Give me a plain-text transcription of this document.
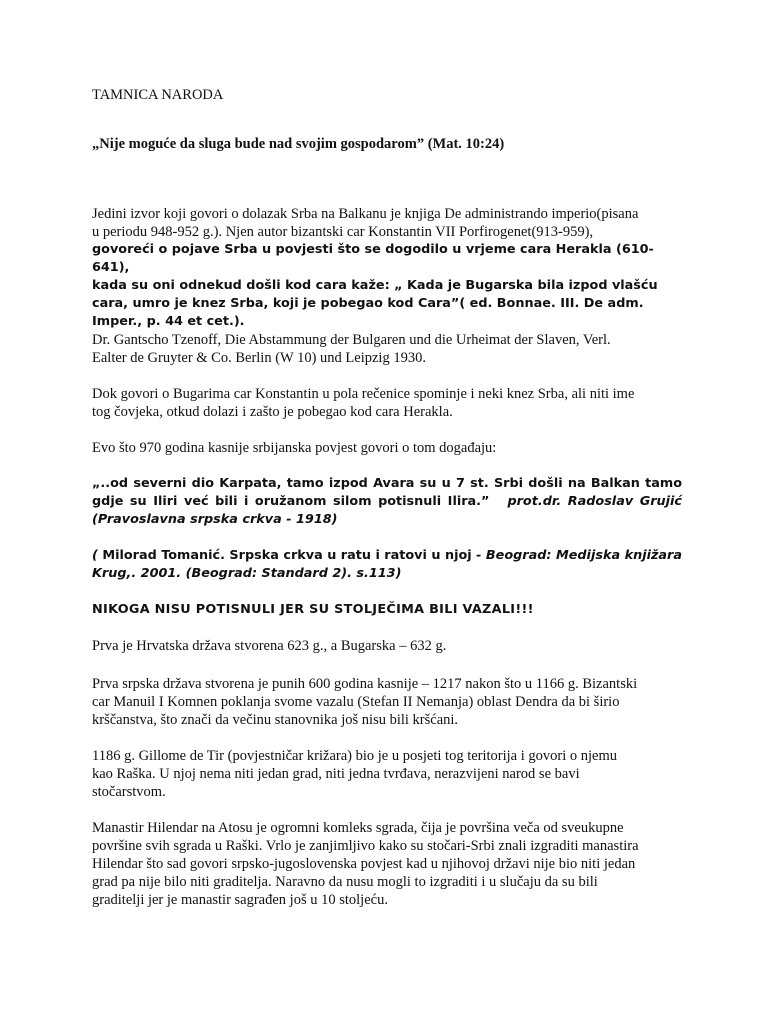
TAMNICA NARODA

„Nije moguće da sluga bude nad svojim gospodarom” (Mat. 10:24)

Jedini izvor koji govori o dolazak Srba na Balkanu je knjiga De administrando imperio(pisana
u periodu 948-952 g.). Njen autor bizantski car Konstantin VII Porfirogenet(913-959),
govoreći o pojave Srba u povjesti što se dogodilo u vrjeme cara Herakla (610-641),
kada su oni odnekud došli kod cara kaže: „ Kada je Bugarska bila izpod vlašću
cara, umro je knez Srba, koji je pobegao kod Cara”( ed. Bonnae. III. De adm.
Imper., p. 44 et cet.).
Dr. Gantscho Tzenoff, Die Abstammung der Bulgaren und die Urheimat der Slaven, Verl.
Ealter de Gruyter & Co. Berlin (W 10) und Leipzig 1930.
Dok govori o Bugarima car Konstantin u pola rečenice spominje i neki knez Srba, ali niti ime
tog čovjeka, otkud dolazi i zašto je pobegao kod cara Herakla.

Evo što 970 godina kasnije srbijanska povjest govori o tom događaju:

„..od severni dio Karpata, tamo izpod Avara su u 7 st. Srbi došli na Balkan tamo
gdje su Iliri već bili i oružanom silom potisnuli Ilira.” prot.dr. Radoslav Grujić
(Pravoslavna srpska crkva - 1918)
( Milorad Tomanić. Srpska crkva u ratu i ratovi u njoj - Beograd: Medijska knjižara
Krug,. 2001. (Beograd: Standard 2). s.113)

NIKOGA NISU POTISNULI JER SU STOLJEČIMA BILI VAZALI!!!

Prva je Hrvatska država stvorena 623 g., a Bugarska – 632 g.

Prva srpska država stvorena je punih 600 godina kasnije – 1217 nakon što u 1166 g. Bizantski
car Manuil I Komnen poklanja svome vazalu (Stefan II Nemanja) oblast Dendra da bi širio
krščanstva, što znači da večinu stanovnika još nisu bili kršćani.
1186 g. Gillome de Tir (povjestničar križara) bio je u posjeti tog teritorija i govori o njemu
kao Raška. U njoj nema niti jedan grad, niti jedna tvrđava, nerazvijeni narod se bavi
stočarstvom.
Manastir Hilendar na Atosu je ogromni komleks sgrada, čija je površina veča od sveukupne
površine svih sgrada u Raški. Vrlo je zanjimljivo kako su stočari-Srbi znali izgraditi manastira
Hilendar što sad govori srpsko-jugoslovenska povjest kad u njihovoj državi nije bio niti jedan
grad pa nije bilo niti graditelja. Naravno da nusu mogli to izgraditi i u slučaju da su bili
graditelji jer je manastir sagrađen još u 10 stoljeću.
